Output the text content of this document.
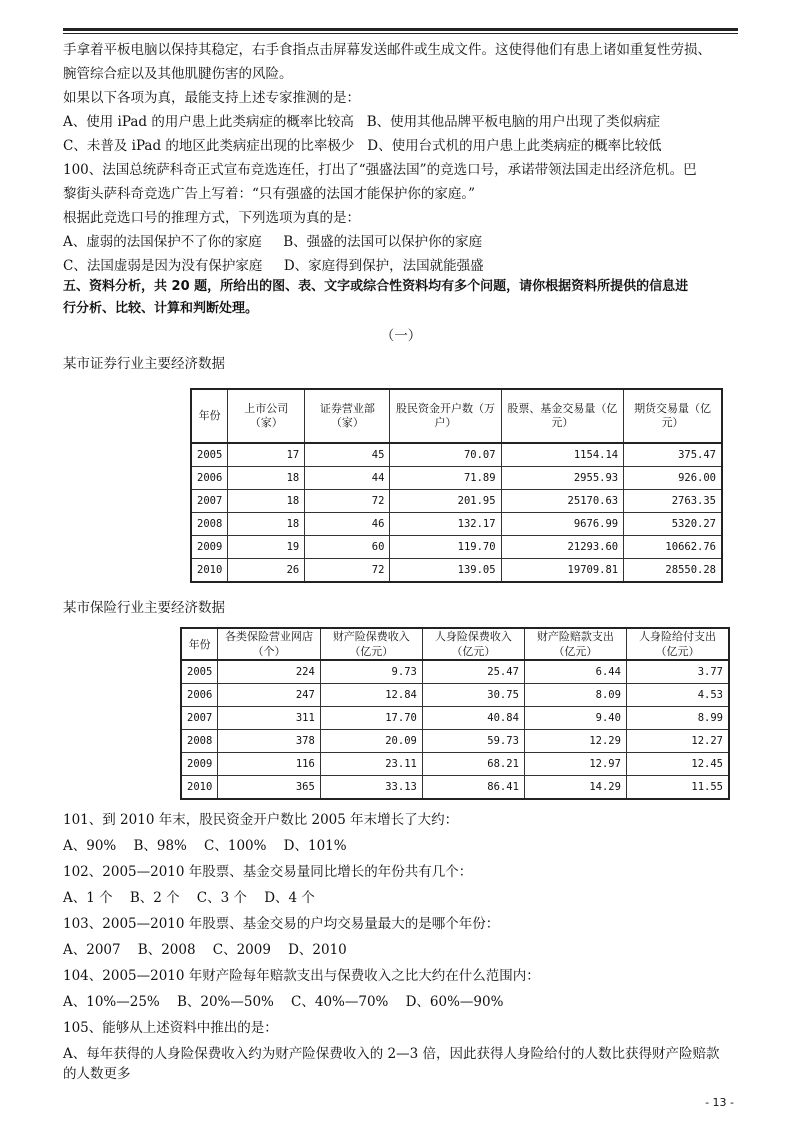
手拿着平板电脑以保持其稳定，右手食指点击屏幕发送邮件或生成文件。这使得他们有患上诸如重复性劳损、

腕管综合症以及其他肌腱伤害的风险。

如果以下各项为真，最能支持上述专家推测的是：

A、使用 iPad 的用户患上此类病症的概率比较高 B、使用其他品牌平板电脑的用户出现了类似病症

C、未普及 iPad 的地区此类病症出现的比率极少 D、使用台式机的用户患上此类病症的概率比较低

100、法国总统萨科奇正式宣布竞选连任，打出了“强盛法国”的竞选口号，承诺带领法国走出经济危机。巴

黎街头萨科奇竞选广告上写着：“只有强盛的法国才能保护你的家庭。”

根据此竞选口号的推理方式，下列选项为真的是：

A、虚弱的法国保护不了你的家庭 B、强盛的法国可以保护你的家庭

C、法国虚弱是因为没有保护家庭 D、家庭得到保护，法国就能强盛

五、资料分析，共 20 题，所给出的图、表、文字或综合性资料均有多个问题，请你根据资料所提供的信息进

行分析、比较、计算和判断处理。

（一）

某市证券行业主要经济数据

年份	上市公司（家）	证券营业部（家）	股民资金开户数（万户）	股票、基金交易量（亿元）	期货交易量（亿元）
2005	17	45	70.07	1154.14	375.47
2006	18	44	71.89	2955.93	926.00
2007	18	72	201.95	25170.63	2763.35
2008	18	46	132.17	9676.99	5320.27
2009	19	60	119.70	21293.60	10662.76
2010	26	72	139.05	19709.81	28550.28

某市保险行业主要经济数据

年份	各类保险营业网店（个）	财产险保费收入（亿元）	人身险保费收入（亿元）	财产险赔款支出（亿元）	人身险给付支出（亿元）
2005	224	9.73	25.47	6.44	3.77
2006	247	12.84	30.75	8.09	4.53
2007	311	17.70	40.84	9.40	8.99
2008	378	20.09	59.73	12.29	12.27
2009	116	23.11	68.21	12.97	12.45
2010	365	33.13	86.41	14.29	11.55

101、到 2010 年末，股民资金开户数比 2005 年末增长了大约：

A、90% B、98% C、100% D、101%

102、2005—2010 年股票、基金交易量同比增长的年份共有几个：

A、1 个 B、2 个 C、3 个 D、4 个

103、2005—2010 年股票、基金交易的户均交易量最大的是哪个年份：

A、2007 B、2008 C、2009 D、2010

104、2005—2010 年财产险每年赔款支出与保费收入之比大约在什么范围内：

A、10%—25% B、20%—50% C、40%—70% D、60%—90%

105、能够从上述资料中推出的是：

A、每年获得的人身险保费收入约为财产险保费收入的 2—3 倍，因此获得人身险给付的人数比获得财产险赔款

的人数更多

- 13 -
